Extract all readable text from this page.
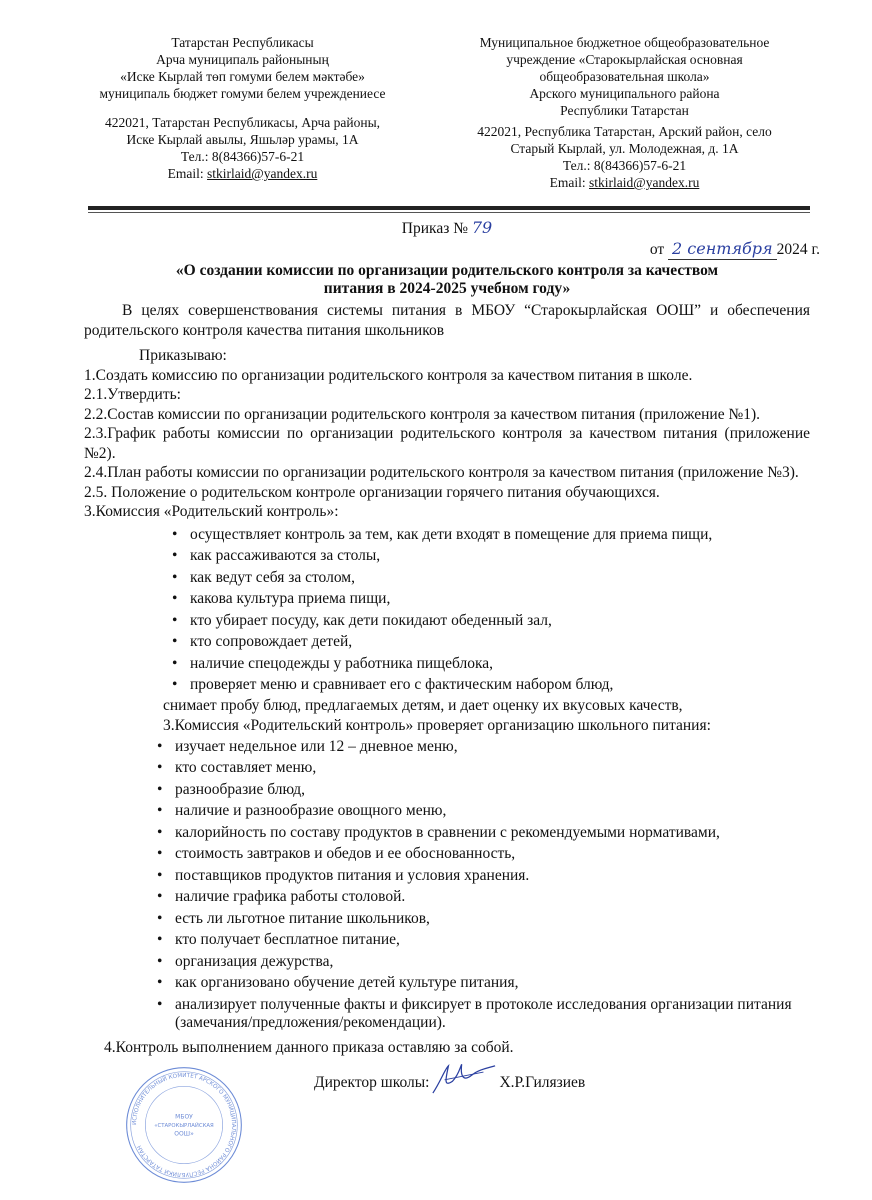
Татарстан Республикасы
Арча муниципаль районының
«Иске Кырлай төп гомуми белем мәктәбе»
муниципаль бюджет гомуми белем учреждениесе
422021, Татарстан Республикасы, Арча районы,
Иске Кырлай авылы, Яшьләр урамы, 1А
Тел.: 8(84366)57-6-21
Email: stkirlaid@yandex.ru
Муниципальное бюджетное общеобразовательное
учреждение «Старокырлайская основная
общеобразовательная школа»
Арского муниципального района
Республики Татарстан
422021, Республика Татарстан, Арский район, село
Старый Кырлай, ул. Молодежная, д. 1А
Тел.: 8(84366)57-6-21
Email: stkirlaid@yandex.ru
Приказ № 79
от 2 сентября 2024 г.
«О создании комиссии по организации родительского контроля за качеством
питания в 2024-2025 учебном году»

В целях совершенствования системы питания в МБОУ “Старокырлайская ООШ” и обеспечения родительского контроля качества питания школьников

Приказываю:

1.Создать комиссию по организации родительского контроля за качеством питания в школе.

2.1.Утвердить:

2.2.Состав комиссии по организации родительского контроля за качеством питания (приложение №1).

2.3.График работы комиссии по организации родительского контроля за качеством питания (приложение №2).

2.4.План работы комиссии по организации родительского контроля за качеством питания (приложение №3).

2.5. Положение о родительском контроле организации горячего питания обучающихся.

3.Комиссия «Родительский контроль»:

• осуществляет контроль за тем, как дети входят в помещение для приема пищи,
• как рассаживаются за столы,
• как ведут себя за столом,
• какова культура приема пищи,
• кто убирает посуду, как дети покидают обеденный зал,
• кто сопровождает детей,
• наличие спецодежды у работника пищеблока,
• проверяет меню и сравнивает его с фактическим набором блюд,

снимает пробу блюд, предлагаемых детям, и дает оценку их вкусовых качеств,

3.Комиссия «Родительский контроль» проверяет организацию школьного питания:

• изучает недельное или 12 – дневное меню,
• кто составляет меню,
• разнообразие блюд,
• наличие и разнообразие овощного меню,
• калорийность по составу продуктов в сравнении с рекомендуемыми нормативами,
• стоимость завтраков и обедов и ее обоснованность,
• поставщиков продуктов питания и условия хранения.
• наличие графика работы столовой.
• есть ли льготное питание школьников,
• кто получает бесплатное питание,
• организация дежурства,
• как организовано обучение детей культуре питания,
• анализирует полученные факты и фиксирует в протоколе исследования организации питания (замечания/предложения/рекомендации).

4.Контроль выполнением данного приказа оставляю за собой.

ИСПОЛНИТЕЛЬНЫЙ КОМИТЕТ АРСКОГО МУНИЦИПАЛЬНОГО РАЙОНА РЕСПУБЛИКИ ТАТАРСТАН
МБОУ
«СТАРОКЫРЛАЙСКАЯ
ООШ»
Директор школы:	Х.Р.Гилязиев
